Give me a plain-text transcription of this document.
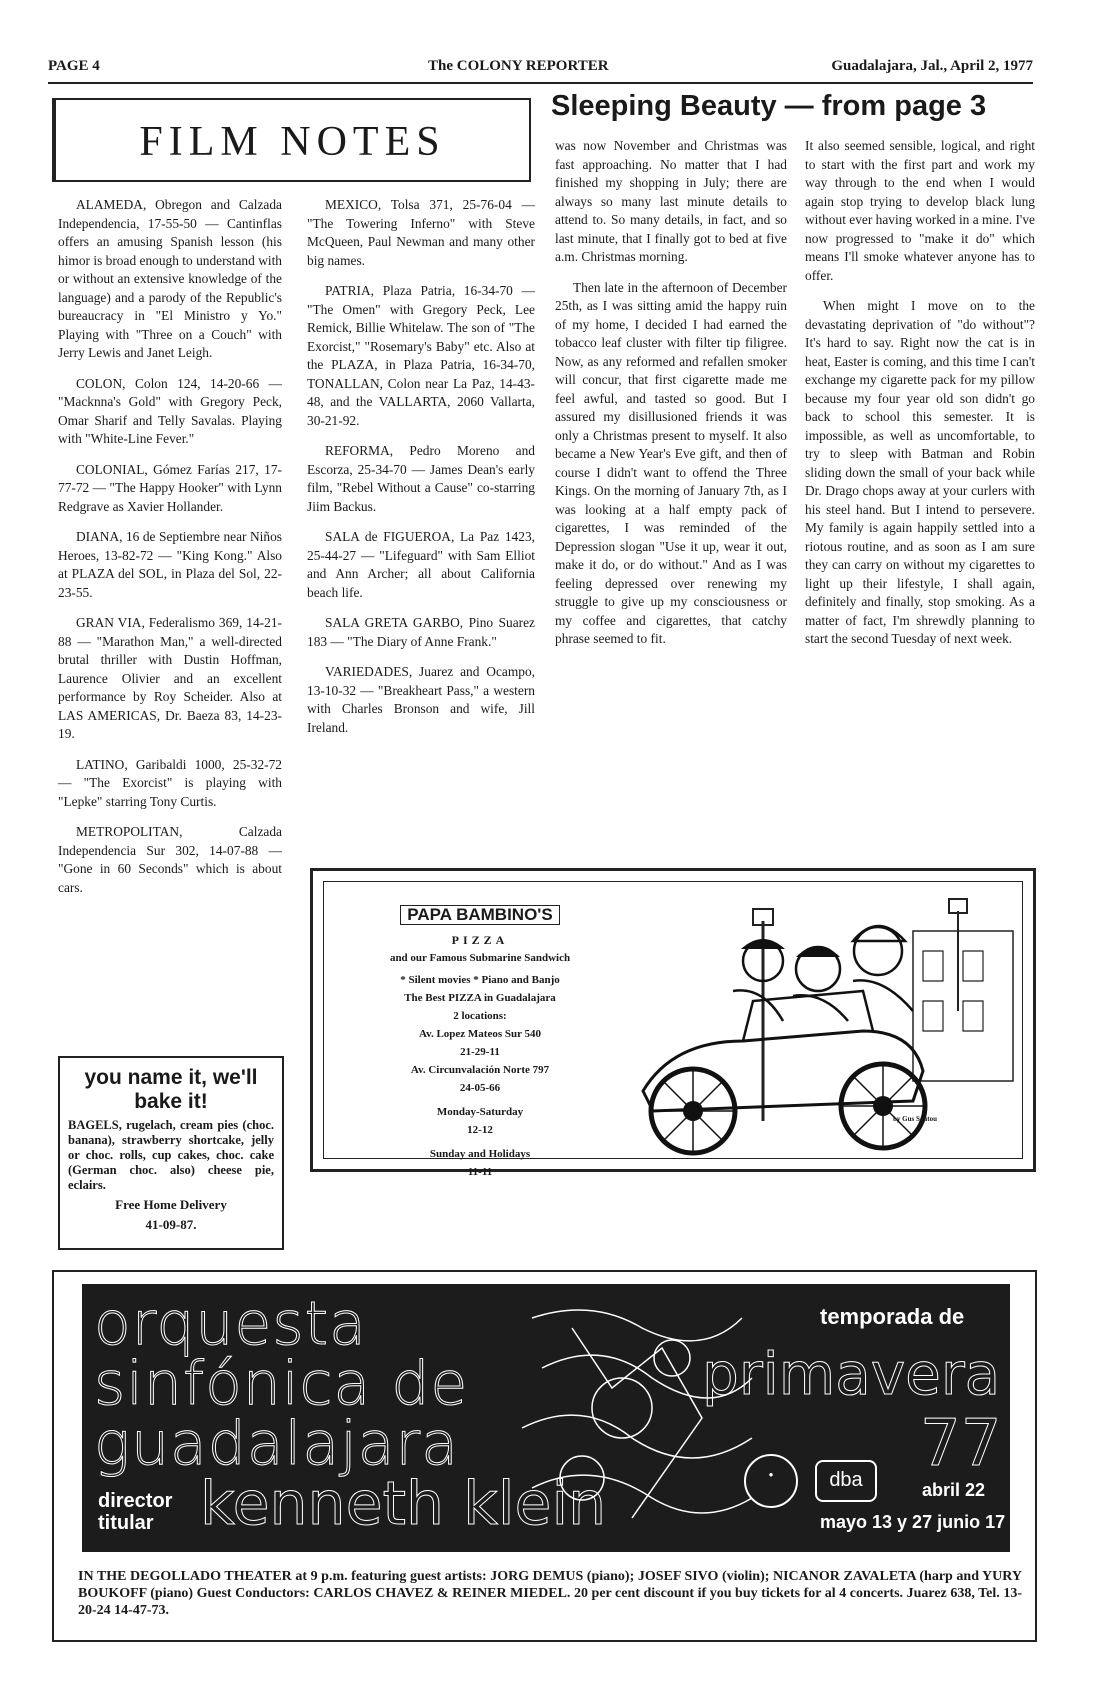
PAGE 4	The COLONY REPORTER	Guadalajara, Jal., April 2, 1977
FILM NOTES
Sleeping Beauty — from page 3

ALAMEDA, Obregon and Calzada Independencia, 17-55-50 — Cantinflas offers an amusing Spanish lesson (his himor is broad enough to understand with or without an extensive knowledge of the language) and a parody of the Republic's bureaucracy in "El Ministro y Yo." Playing with "Three on a Couch" with Jerry Lewis and Janet Leigh.

COLON, Colon 124, 14-20-66 — "Macknna's Gold" with Gregory Peck, Omar Sharif and Telly Savalas. Playing with "White-Line Fever."

COLONIAL, Gómez Farías 217, 17-77-72 — "The Happy Hooker" with Lynn Redgrave as Xavier Hollander.

DIANA, 16 de Septiembre near Niños Heroes, 13-82-72 — "King Kong." Also at PLAZA del SOL, in Plaza del Sol, 22-23-55.

GRAN VIA, Federalismo 369, 14-21-88 — "Marathon Man," a well-directed brutal thriller with Dustin Hoffman, Laurence Olivier and an excellent performance by Roy Scheider. Also at LAS AMERICAS, Dr. Baeza 83, 14-23-19.

LATINO, Garibaldi 1000, 25-32-72 — "The Exorcist" is playing with "Lepke" starring Tony Curtis.

METROPOLITAN, Calzada Independencia Sur 302, 14-07-88 — "Gone in 60 Seconds" which is about cars.

MEXICO, Tolsa 371, 25-76-04 — "The Towering Inferno" with Steve McQueen, Paul Newman and many other big names.

PATRIA, Plaza Patria, 16-34-70 — "The Omen" with Gregory Peck, Lee Remick, Billie Whitelaw. The son of "The Exorcist," "Rosemary's Baby" etc. Also at the PLAZA, in Plaza Patria, 16-34-70, TONALLAN, Colon near La Paz, 14-43-48, and the VALLARTA, 2060 Vallarta, 30-21-92.

REFORMA, Pedro Moreno and Escorza, 25-34-70 — James Dean's early film, "Rebel Without a Cause" co-starring Jiim Backus.

SALA de FIGUEROA, La Paz 1423, 25-44-27 — "Lifeguard" with Sam Elliot and Ann Archer; all about California beach life.

SALA GRETA GARBO, Pino Suarez 183 — "The Diary of Anne Frank."

VARIEDADES, Juarez and Ocampo, 13-10-32 — "Breakheart Pass," a western with Charles Bronson and wife, Jill Ireland.

was now November and Christmas was fast approaching. No matter that I had finished my shopping in July; there are always so many last minute details to attend to. So many details, in fact, and so last minute, that I finally got to bed at five a.m. Christmas morning.

Then late in the afternoon of December 25th, as I was sitting amid the happy ruin of my home, I decided I had earned the tobacco leaf cluster with filter tip filigree. Now, as any reformed and refallen smoker will concur, that first cigarette made me feel awful, and tasted so good. But I assured my disillusioned friends it was only a Christmas present to myself. It also became a New Year's Eve gift, and then of course I didn't want to offend the Three Kings. On the morning of January 7th, as I was looking at a half empty pack of cigarettes, I was reminded of the Depression slogan "Use it up, wear it out, make it do, or do without." And as I was feeling depressed over renewing my struggle to give up my consciousness or my coffee and cigarettes, that catchy phrase seemed to fit.

It also seemed sensible, logical, and right to start with the first part and work my way through to the end when I would again stop trying to develop black lung without ever having worked in a mine. I've now progressed to "make it do" which means I'll smoke whatever anyone has to offer.

When might I move on to the devastating deprivation of "do without"? It's hard to say. Right now the cat is in heat, Easter is coming, and this time I can't exchange my cigarette pack for my pillow because my four year old son didn't go back to school this semester. It is impossible, as well as uncomfortable, to try to sleep with Batman and Robin sliding down the small of your back while Dr. Drago chops away at your curlers with his steel hand. But I intend to persevere. My family is again happily settled into a riotous routine, and as soon as I am sure they can carry on without my cigarettes to light up their lifestyle, I shall again, definitely and finally, stop smoking. As a matter of fact, I'm shrewdly planning to start the second Tuesday of next week.

you name it, we'll bake it!
BAGELS, rugelach, cream pies (choc. banana), strawberry shortcake, jelly or choc. rolls, cup cakes, choc. cake (German choc. also) cheese pie, eclairs.
Free Home Delivery
41-09-87.
by Gus Sautou
PAPA BAMBINO'S
PIZZA
and our Famous Submarine Sandwich
* Silent movies * Piano and Banjo
The Best PIZZA in Guadalajara
2 locations:
Av. Lopez Mateos Sur 540
21-29-11
Av. Circunvalación Norte 797
24-05-66
Monday-Saturday
12-12
Sunday and Holidays
11-11
orquesta
sinfónica de
guadalajara
director
titular kenneth klein
temporada de
primavera
77
●	dba	abril 22
mayo 13 y 27 junio 17
IN THE DEGOLLADO THEATER at 9 p.m. featuring guest artists: JORG DEMUS (piano); JOSEF SIVO (violin); NICANOR ZAVALETA (harp and YURY BOUKOFF (piano) Guest Conductors: CARLOS CHAVEZ & REINER MIEDEL. 20 per cent discount if you buy tickets for al 4 concerts. Juarez 638, Tel. 13-20-24 14-47-73.
